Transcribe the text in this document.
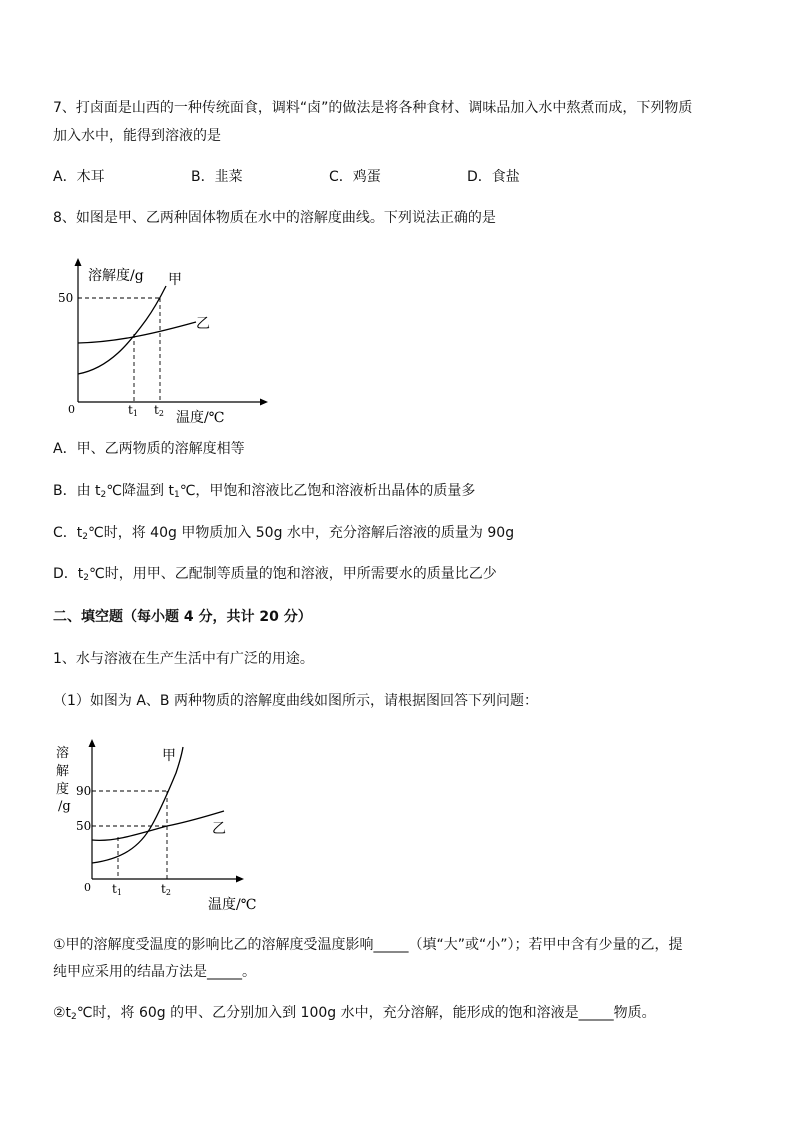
7、打卤面是山西的一种传统面食，调料“卤”的做法是将各种食材、调味品加入水中熬煮而成，下列物质
加入水中，能得到溶液的是
A．木耳	B．韭菜	C．鸡蛋	D．食盐
8、如图是甲、乙两种固体物质在水中的溶解度曲线。下列说法正确的是
溶解度/g 甲
乙
50
0	t1 t2 温度/℃
A．甲、乙两物质的溶解度相等
B．由 $t_2℃$降温到 $t_1℃$，甲饱和溶液比乙饱和溶液析出晶体的质量多
C．$t_2℃$时，将 40g 甲物质加入 50g 水中，充分溶解后溶液的质量为 90g
D．$t_2℃$时，用甲、乙配制等质量的饱和溶液，甲所需要水的质量比乙少
二、填空题（每小题 4 分，共计 20 分）
1、水与溶液在生产生活中有广泛的用途。
（1）如图为 A、B 两种物质的溶解度曲线如图所示，请根据图回答下列问题：
溶
解
度
/g
甲
乙
90
50
0 t1	t2
温度/℃
①甲的溶解度受温度的影响比乙的溶解度受温度影响_____（填“大”或“小”）；若甲中含有少量的乙，提
纯甲应采用的结晶方法是_____。
$②t_2℃$时，将 60g 的甲、乙分别加入到 100g 水中，充分溶解，能形成的饱和溶液是_____物质。
